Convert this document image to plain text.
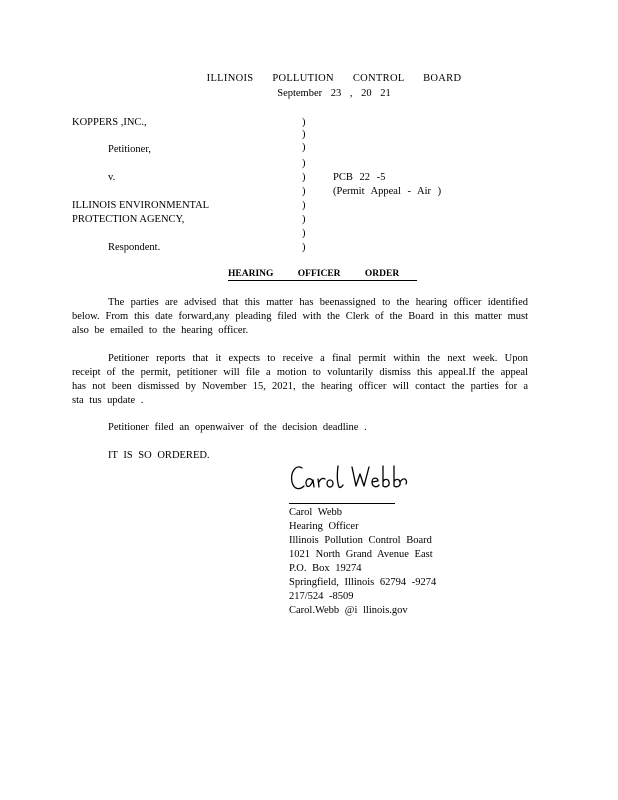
ILLINOIS POLLUTION CONTROL BOARD
September 23 , 20 21
KOPPERS ,INC.,
Petitioner,
v.
ILLINOIS ENVIRONMENTAL
PROTECTION AGENCY,
Respondent.
)
)
)
)
)
)
)
)
)
)
PCB 22 -5
(Permit Appeal - Air )
HEARING OFFICER ORDER
The parties are advised that this matter has beenassigned to the hearing officer identified below. From this date forward,any pleading filed with the Clerk of the Board in this matter must also be emailed to the hearing officer.
Petitioner reports that it expects to receive a final permit within the next week. Upon receipt of the permit, petitioner will file a motion to voluntarily dismiss this appeal.If the appeal has not been dismissed by November 15, 2021, the hearing officer will contact the parties for a sta tus update .
Petitioner filed an openwaiver of the decision deadline .
IT IS SO ORDERED.
Carol Webb
Hearing Officer
Illinois Pollution Control Board
1021 North Grand Avenue East
P.O. Box 19274
Springfield, Illinois 62794 -9274
217/524 -8509
Carol.Webb @i llinois.gov
